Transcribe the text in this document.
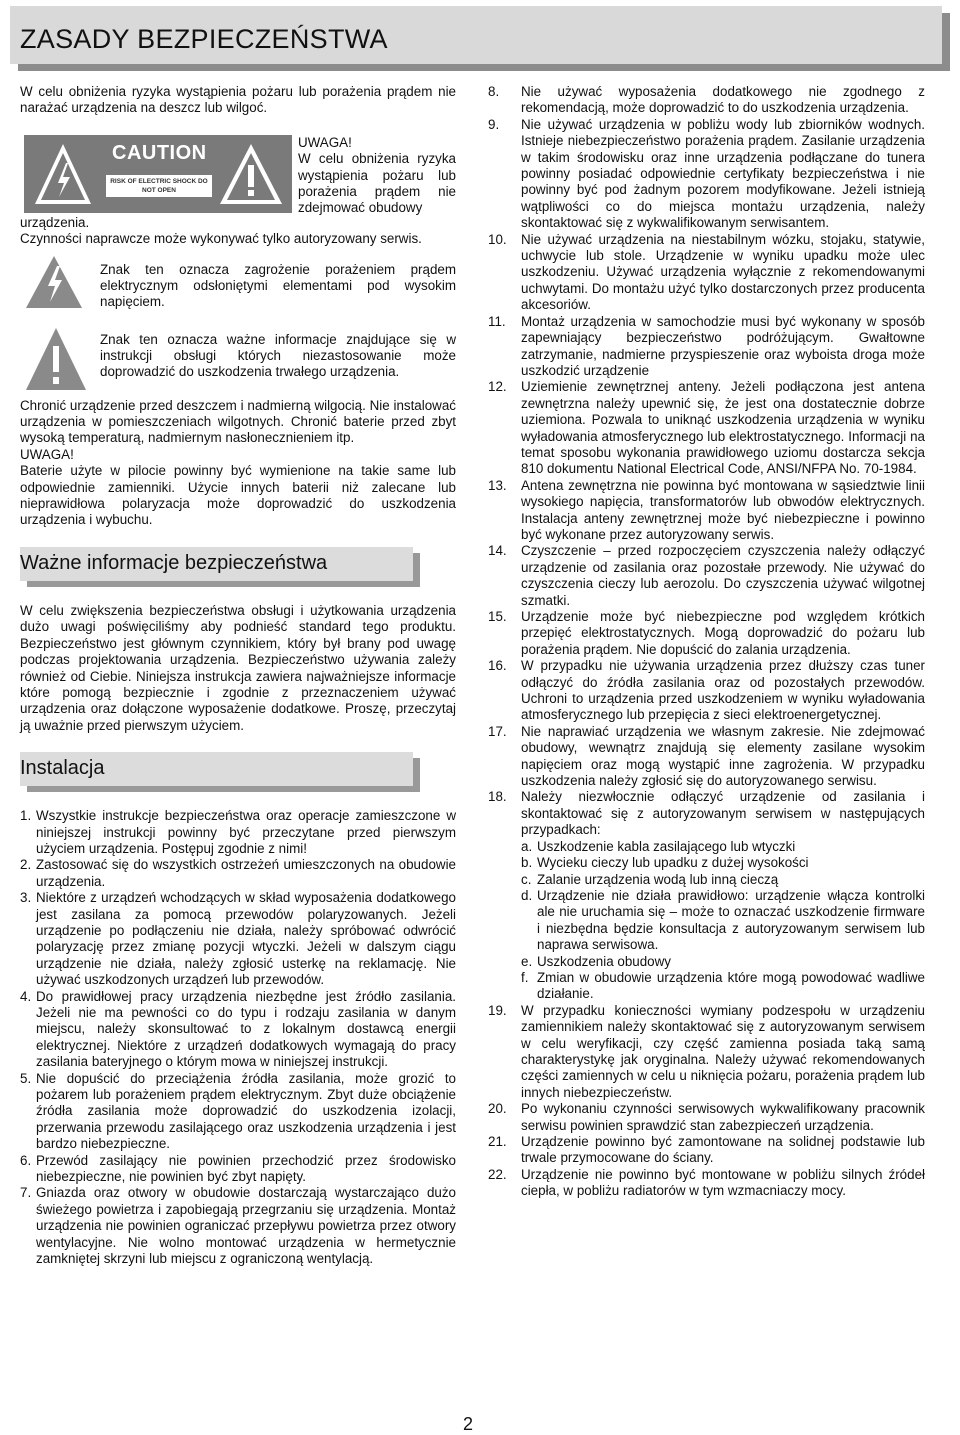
ZASADY BEZPIECZEŃSTWA

W celu obniżenia ryzyka wystąpienia pożaru lub porażenia prądem nie narażać urządzenia na deszcz lub wilgoć.

CAUTION
RISK OF ELECTRIC SHOCK DO NOT OPEN
UWAGA!

W celu obniżenia ryzyka wystąpienia pożaru lub porażenia prądem nie zdejmować obudowy

urządzenia.

Czynności naprawcze może wykonywać tylko autoryzowany serwis.

Znak ten oznacza zagrożenie porażeniem prądem elektrycznym odsłoniętymi elementami pod wysokim napięciem.

Znak ten oznacza ważne informacje znajdujące się w instrukcji obsługi których niezastosowanie może doprowadzić do uszkodzenia trwałego urządzenia.

Chronić urządzenie przed deszczem i nadmierną wilgocią. Nie instalować urządzenia w pomieszczeniach wilgotnych. Chronić baterie przed zbyt wysoką temperaturą, nadmiernym nasłonecznieniem itp.

UWAGA!

Baterie użyte w pilocie powinny być wymienione na takie same lub odpowiednie zamienniki. Użycie innych baterii niż zalecane lub nieprawidłowa polaryzacja może doprowadzić do uszkodzenia urządzenia i wybuchu.

Ważne informacje bezpieczeństwa

W celu zwiększenia bezpieczeństwa obsługi i użytkowania urządzenia dużo uwagi poświęciliśmy aby podnieść standard tego produktu. Bezpieczeństwo jest głównym czynnikiem, który był brany pod uwagę podczas projektowania urządzenia. Bezpieczeństwo używania zależy również od Ciebie. Niniejsza instrukcja zawiera najważniejsze informacje które pomogą bezpiecznie i zgodnie z przeznaczeniem używać urządzenia oraz dołączone wyposażenie dodatkowe. Proszę, przeczytaj ją uważnie przed pierwszym użyciem.

Instalacja
1. Wszystkie instrukcje bezpieczeństwa oraz operacje zamieszczone w niniejszej instrukcji powinny być przeczytane przed pierwszym użyciem urządzenia. Postępuj zgodnie z nimi!
2. Zastosować się do wszystkich ostrzeżeń umieszczonych na obudowie urządzenia.
3. Niektóre z urządzeń wchodzących w skład wyposażenia dodatkowego jest zasilana za pomocą przewodów polaryzowanych. Jeżeli urządzenie po podłączeniu nie działa, należy spróbować odwrócić polaryzację przez zmianę pozycji wtyczki. Jeżeli w dalszym ciągu urządzenie nie działa, należy zgłosić usterkę na reklamację. Nie używać uszkodzonych urządzeń lub przewodów.
4. Do prawidłowej pracy urządzenia niezbędne jest źródło zasilania. Jeżeli nie ma pewności co do typu i rodzaju zasilania w danym miejscu, należy skonsultować to z lokalnym dostawcą energii elektrycznej. Niektóre z urządzeń dodatkowych wymagają do pracy zasilania bateryjnego o którym mowa w niniejszej instrukcji.
5. Nie dopuścić do przeciążenia źródła zasilania, może grozić to pożarem lub porażeniem prądem elektrycznym. Zbyt duże obciążenie źródła zasilania może doprowadzić do uszkodzenia izolacji, przerwania przewodu zasilającego oraz uszkodzenia urządzenia i jest bardzo niebezpieczne.
6. Przewód zasilający nie powinien przechodzić przez środowisko niebezpieczne, nie powinien być zbyt napięty.
7. Gniazda oraz otwory w obudowie dostarczają wystarczająco dużo świeżego powietrza i zapobiegają przegrzaniu się urządzenia. Montaż urządzenia nie powinien ograniczać przepływu powietrza przez otwory wentylacyjne. Nie wolno montować urządzenia w hermetycznie zamkniętej skrzyni lub miejscu z ograniczoną wentylacją.
8. Nie używać wyposażenia dodatkowego nie zgodnego z rekomendacją, może doprowadzić to do uszkodzenia urządzenia.
9. Nie używać urządzenia w pobliżu wody lub zbiorników wodnych. Istnieje niebezpieczeństwo porażenia prądem. Zasilanie urządzenia w takim środowisku oraz inne urządzenia podłączane do tunera powinny posiadać odpowiednie certyfikaty bezpieczeństwa i nie powinny być pod żadnym pozorem modyfikowane. Jeżeli istnieją wątpliwości co do miejsca montażu urządzenia, należy skontaktować się z wykwalifikowanym serwisantem.
10. Nie używać urządzenia na niestabilnym wózku, stojaku, statywie, uchwycie lub stole. Urządzenie w wyniku upadku może ulec uszkodzeniu. Używać urządzenia wyłącznie z rekomendowanymi uchwytami. Do montażu użyć tylko dostarczonych przez producenta akcesoriów.
11. Montaż urządzenia w samochodzie musi być wykonany w sposób zapewniający bezpieczeństwo podróżującym. Gwałtowne zatrzymanie, nadmierne przyspieszenie oraz wyboista droga może uszkodzić urządzenie
12. Uziemienie zewnętrznej anteny. Jeżeli podłączona jest antena zewnętrzna należy upewnić się, że jest ona dostatecznie dobrze uziemiona. Pozwala to uniknąć uszkodzenia urządzenia w wyniku wyładowania atmosferycznego lub elektrostatycznego. Informacji na temat sposobu wykonania prawidłowego uziomu dostarcza sekcja 810 dokumentu National Electrical Code, ANSI/NFPA No. 70-1984.
13. Antena zewnętrzna nie powinna być montowana w sąsiedztwie linii wysokiego napięcia, transformatorów lub obwodów elektrycznych. Instalacja anteny zewnętrznej może być niebezpieczne i powinno być wykonane przez autoryzowany serwis.
14. Czyszczenie – przed rozpoczęciem czyszczenia należy odłączyć urządzenie od zasilania oraz pozostałe przewody. Nie używać do czyszczenia cieczy lub aerozolu. Do czyszczenia używać wilgotnej szmatki.
15. Urządzenie może być niebezpieczne pod względem krótkich przepięć elektrostatycznych. Mogą doprowadzić do pożaru lub porażenia prądem. Nie dopuścić do zalania urządzenia.
16. W przypadku nie używania urządzenia przez dłuższy czas tuner odłączyć do źródła zasilania oraz od pozostałych przewodów. Uchroni to urządzenia przed uszkodzeniem w wyniku wyładowania atmosferycznego lub przepięcia z sieci elektroenergetycznej.
17. Nie naprawiać urządzenia we własnym zakresie. Nie zdejmować obudowy, wewnątrz znajdują się elementy zasilane wysokim napięciem oraz mogą wystąpić inne zagrożenia. W przypadku uszkodzenia należy zgłosić się do autoryzowanego serwisu.
18. Należy niezwłocznie odłączyć urządzenie od zasilania i skontaktować się z autoryzowanym serwisem w następujących przypadkach:
a. Uszkodzenie kabla zasilającego lub wtyczki
b. Wycieku cieczy lub upadku z dużej wysokości
c. Zalanie urządzenia wodą lub inną cieczą
d. Urządzenie nie działa prawidłowo: urządzenie włącza kontrolki ale nie uruchamia się – może to oznaczać uszkodzenie firmware i niezbędna będzie konsultacja z autoryzowanym serwisem lub naprawa serwisowa.
e. Uszkodzenia obudowy
f. Zmian w obudowie urządzenia które mogą powodować wadliwe działanie.
19. W przypadku konieczności wymiany podzespołu w urządzeniu zamiennikiem należy skontaktować się z autoryzowanym serwisem w celu weryfikacji, czy część zamienna posiada taką samą charakterystykę jak oryginalna. Należy używać rekomendowanych części zamiennych w celu u niknięcia pożaru, porażenia prądem lub innych niebezpieczeństw.
20. Po wykonaniu czynności serwisowych wykwalifikowany pracownik serwisu powinien sprawdzić stan zabezpieczeń urządzenia.
21. Urządzenie powinno być zamontowane na solidnej podstawie lub trwale przymocowane do ściany.
22. Urządzenie nie powinno być montowane w pobliżu silnych źródeł ciepła, w pobliżu radiatorów w tym wzmacniaczy mocy.
2
